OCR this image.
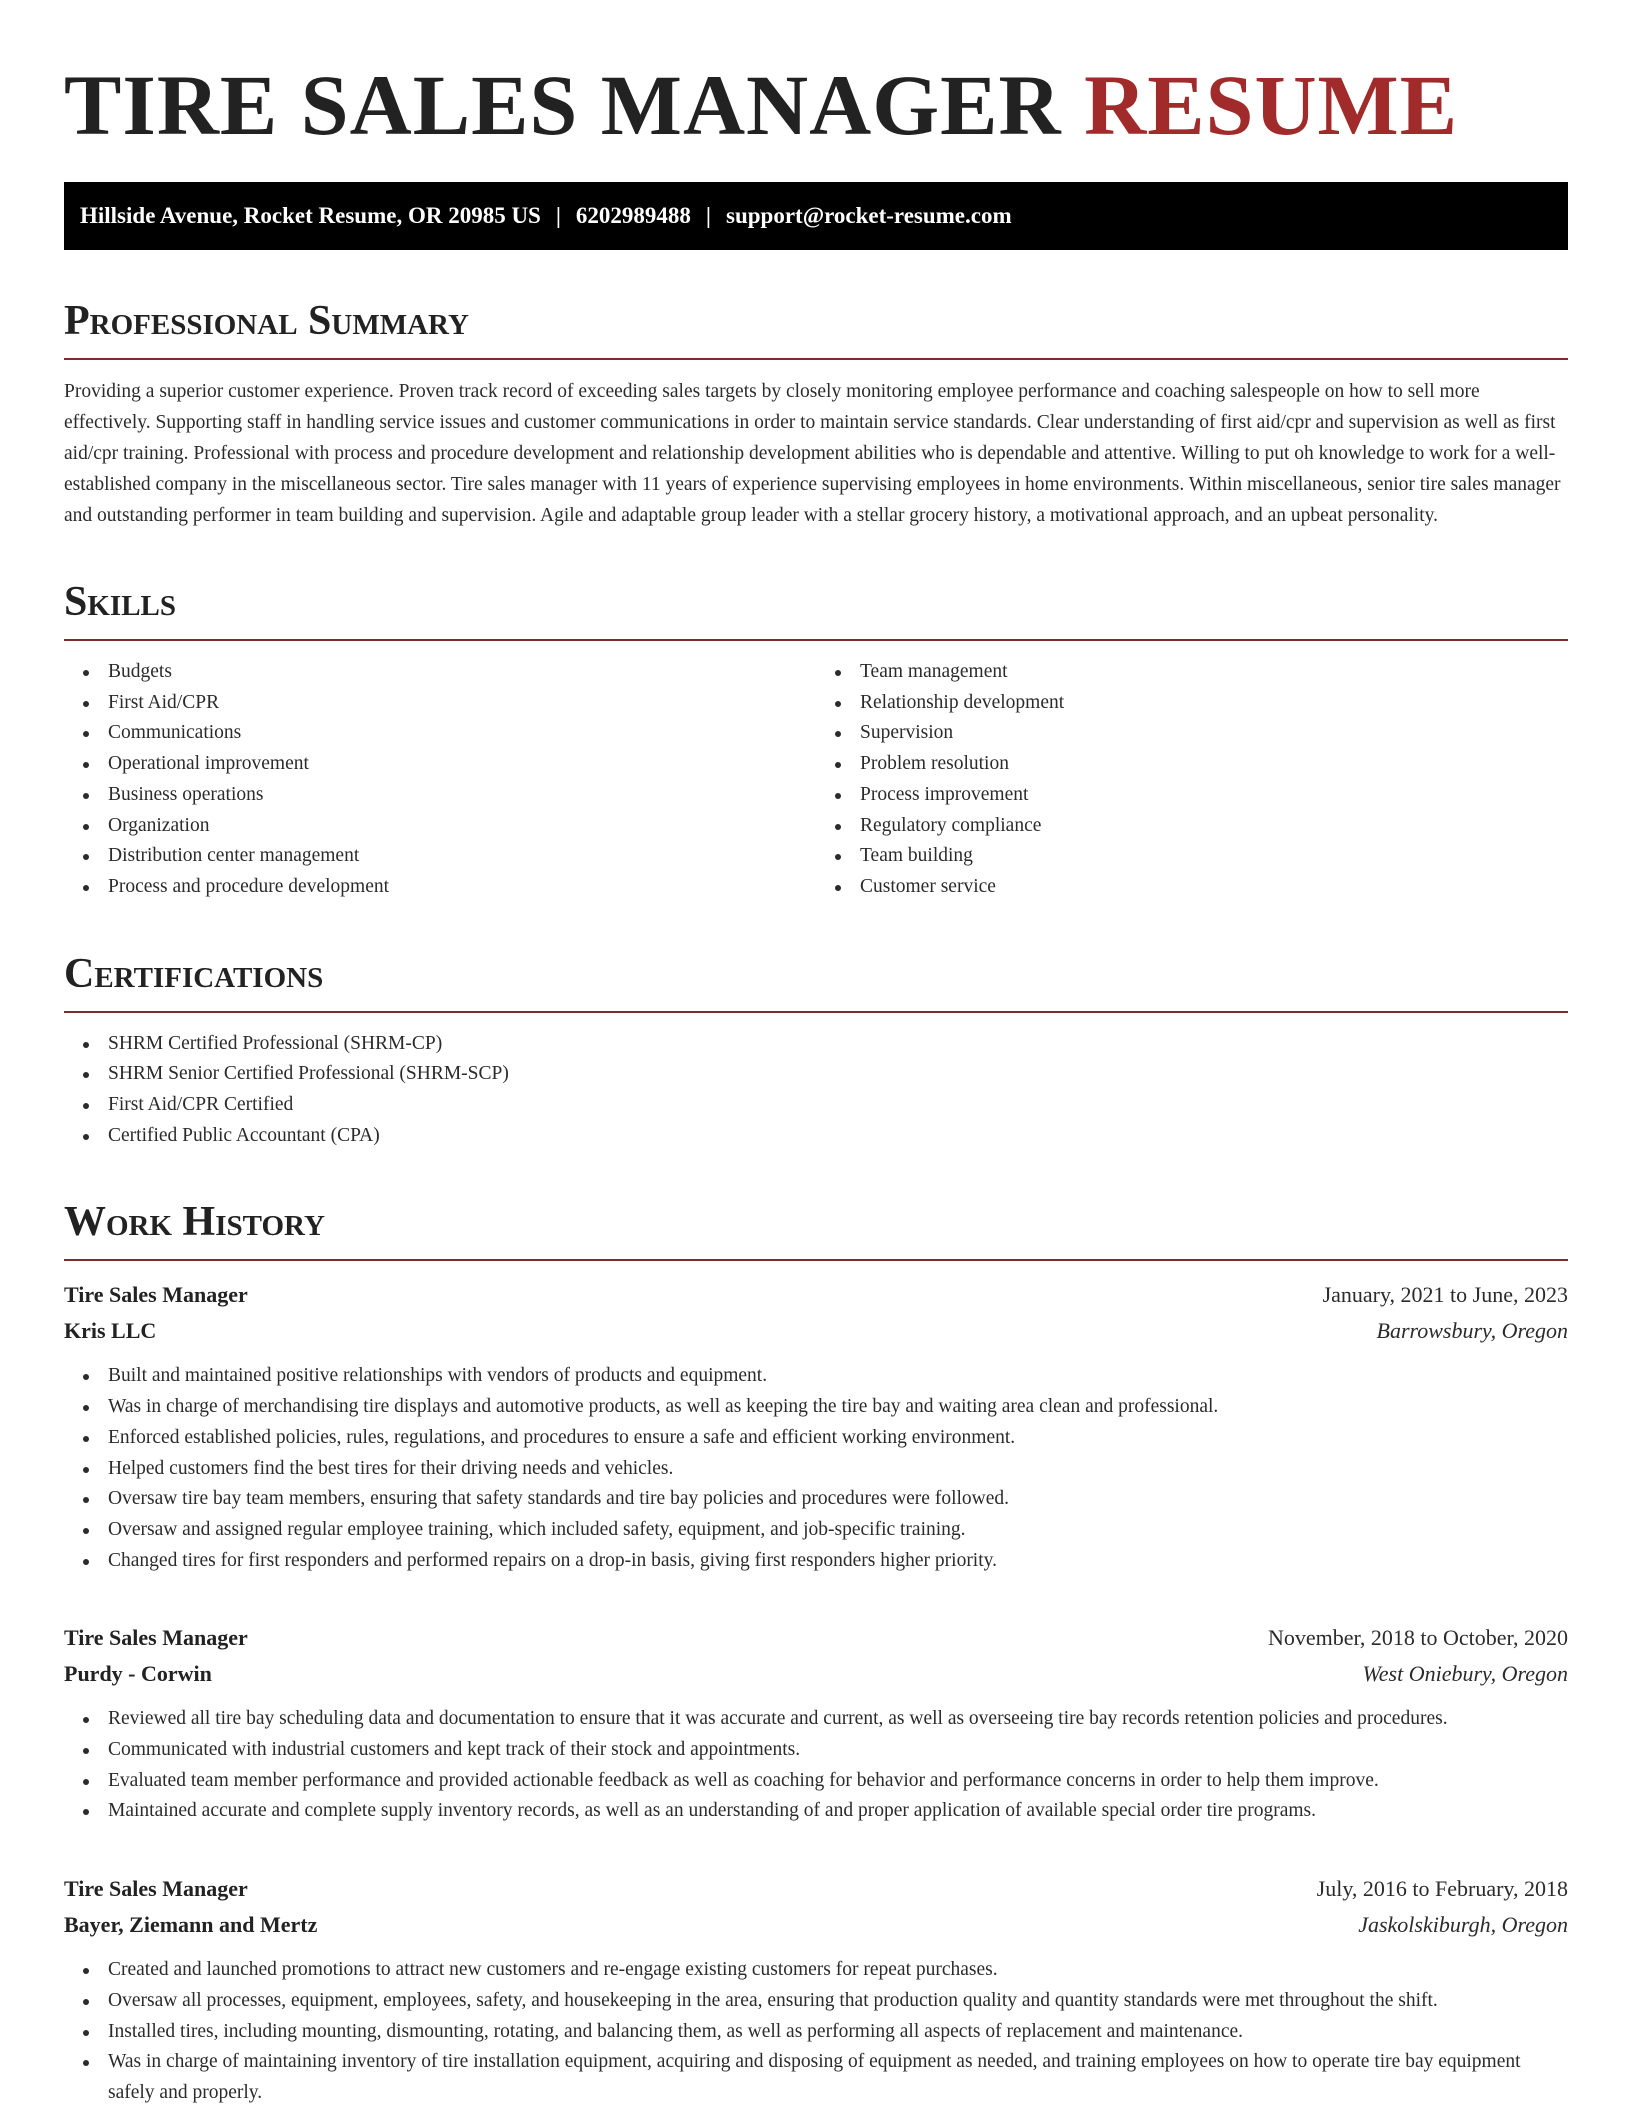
TIRE SALES MANAGER RESUME
Hillside Avenue, Rocket Resume, OR 20985 US | 6202989488 | support@rocket-resume.com
Professional Summary

Providing a superior customer experience. Proven track record of exceeding sales targets by closely monitoring employee performance and coaching salespeople on how to sell more effectively. Supporting staff in handling service issues and customer communications in order to maintain service standards. Clear understanding of first aid/cpr and supervision as well as first aid/cpr training. Professional with process and procedure development and relationship development abilities who is dependable and attentive. Willing to put oh knowledge to work for a well-established company in the miscellaneous sector. Tire sales manager with 11 years of experience supervising employees in home environments. Within miscellaneous, senior tire sales manager and outstanding performer in team building and supervision. Agile and adaptable group leader with a stellar grocery history, a motivational approach, and an upbeat personality.

Skills
Budgets
First Aid/CPR
Communications
Operational improvement
Business operations
Organization
Distribution center management
Process and procedure development
Team management
Relationship development
Supervision
Problem resolution
Process improvement
Regulatory compliance
Team building
Customer service
Certifications
SHRM Certified Professional (SHRM-CP)
SHRM Senior Certified Professional (SHRM-SCP)
First Aid/CPR Certified
Certified Public Accountant (CPA)
Work History
Tire Sales Manager	January, 2021 to June, 2023
Kris LLC	Barrowsbury, Oregon
Built and maintained positive relationships with vendors of products and equipment.
Was in charge of merchandising tire displays and automotive products, as well as keeping the tire bay and waiting area clean and professional.
Enforced established policies, rules, regulations, and procedures to ensure a safe and efficient working environment.
Helped customers find the best tires for their driving needs and vehicles.
Oversaw tire bay team members, ensuring that safety standards and tire bay policies and procedures were followed.
Oversaw and assigned regular employee training, which included safety, equipment, and job-specific training.
Changed tires for first responders and performed repairs on a drop-in basis, giving first responders higher priority.
Tire Sales Manager	November, 2018 to October, 2020
Purdy - Corwin	West Oniebury, Oregon
Reviewed all tire bay scheduling data and documentation to ensure that it was accurate and current, as well as overseeing tire bay records retention policies and procedures.
Communicated with industrial customers and kept track of their stock and appointments.
Evaluated team member performance and provided actionable feedback as well as coaching for behavior and performance concerns in order to help them improve.
Maintained accurate and complete supply inventory records, as well as an understanding of and proper application of available special order tire programs.
Tire Sales Manager	July, 2016 to February, 2018
Bayer, Ziemann and Mertz	Jaskolskiburgh, Oregon
Created and launched promotions to attract new customers and re-engage existing customers for repeat purchases.
Oversaw all processes, equipment, employees, safety, and housekeeping in the area, ensuring that production quality and quantity standards were met throughout the shift.
Installed tires, including mounting, dismounting, rotating, and balancing them, as well as performing all aspects of replacement and maintenance.
Was in charge of maintaining inventory of tire installation equipment, acquiring and disposing of equipment as needed, and training employees on how to operate tire bay equipment safely and properly.
